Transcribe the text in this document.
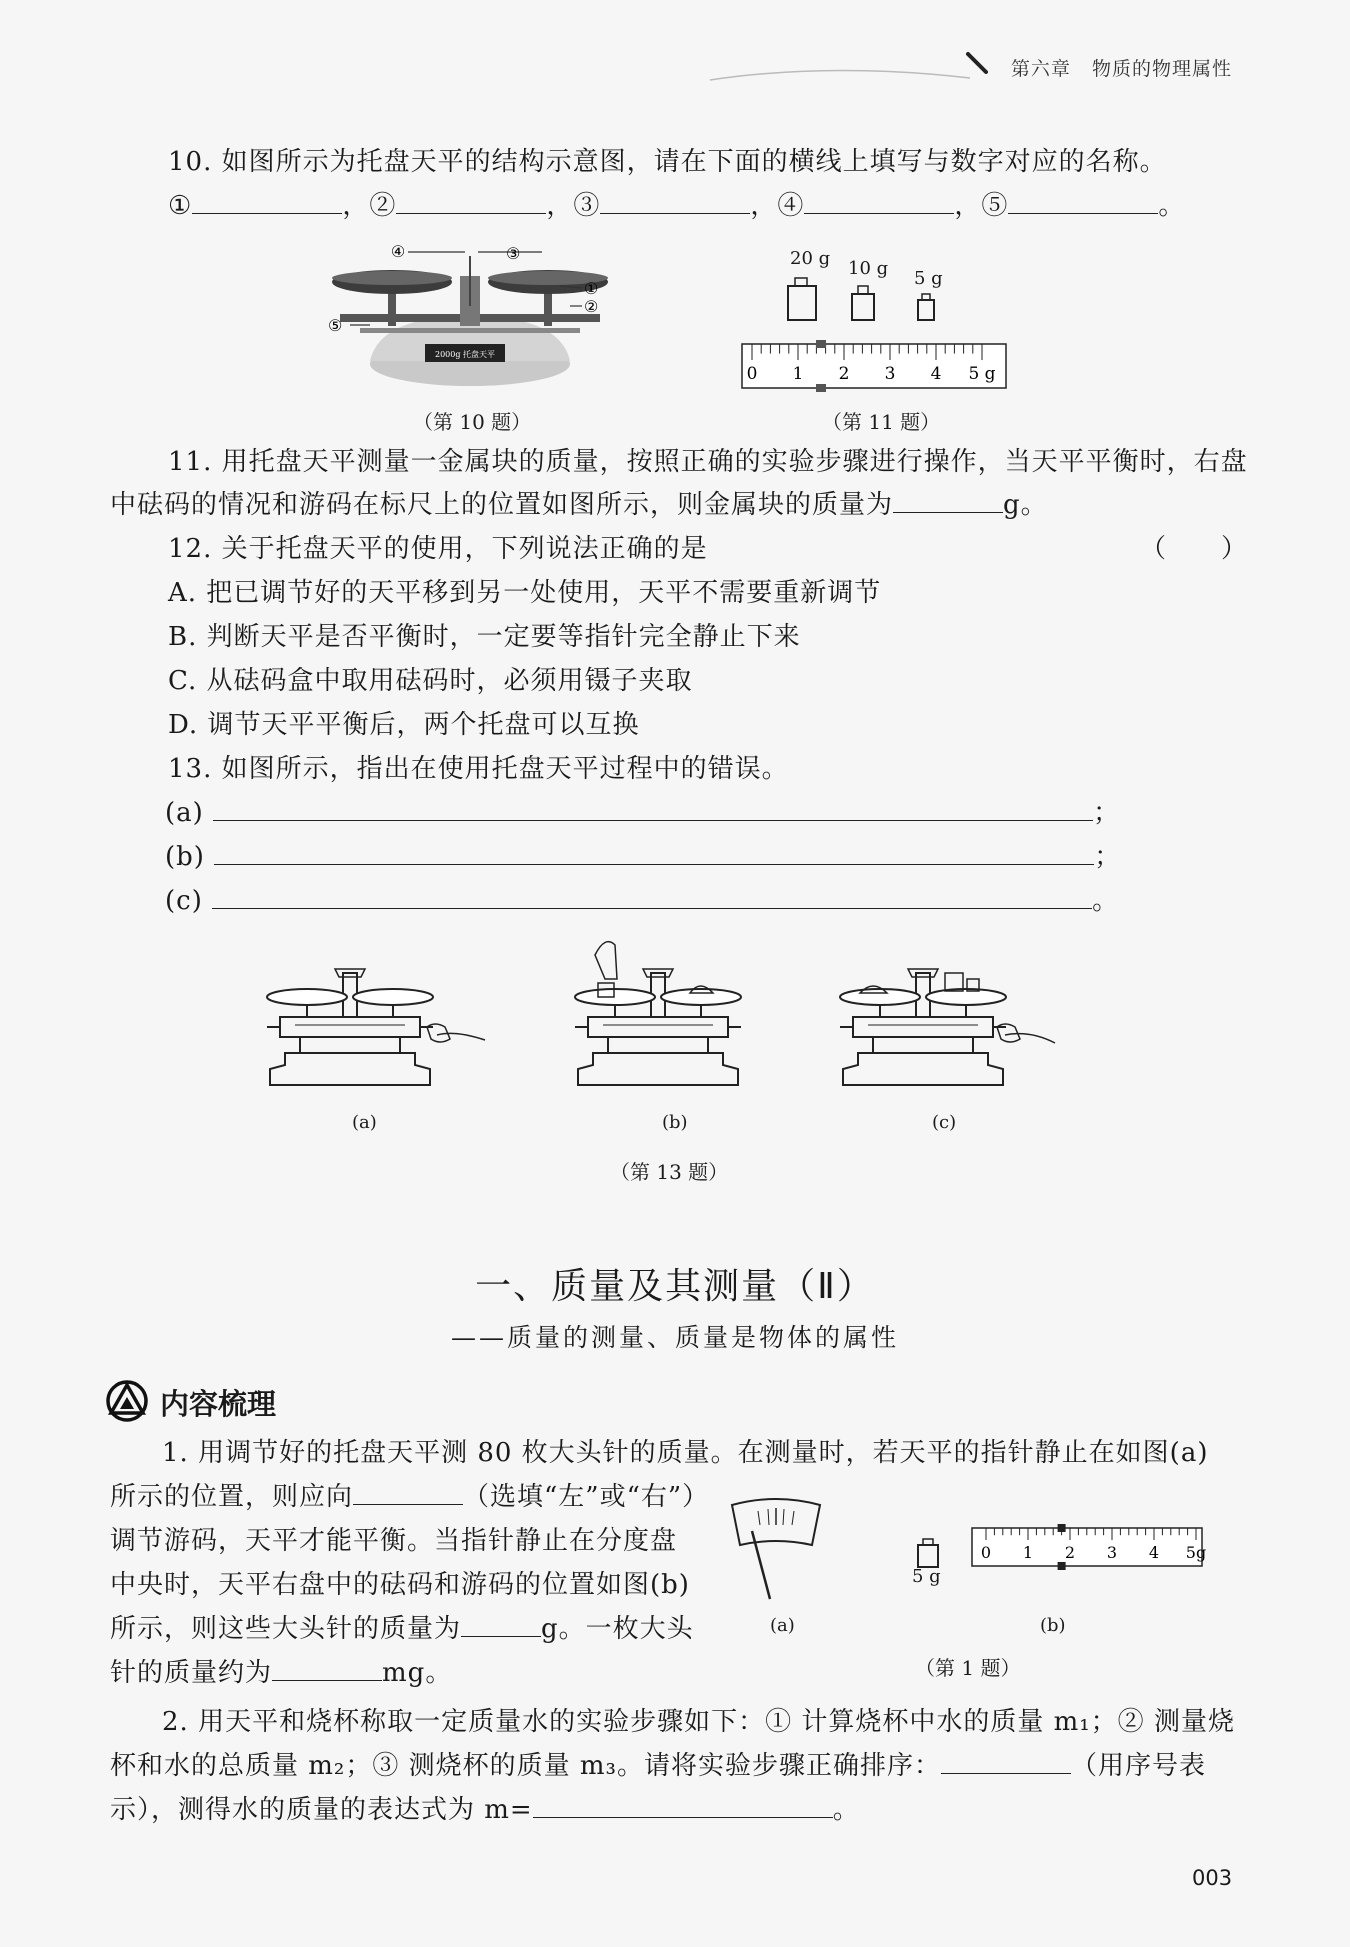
第六章 物质的物理属性
10. 如图所示为托盘天平的结构示意图，请在下面的横线上填写与数字对应的名称。
①	，②	，③	，④	，⑤	。
2000g 托盘天平
④	③
①
②
⑤
（第 10 题）
20 g 10 g 5 g
0 1 2 3 4 5 g
（第 11 题）
11. 用托盘天平测量一金属块的质量，按照正确的实验步骤进行操作，当天平平衡时，右盘
中砝码的情况和游码在标尺上的位置如图所示，则金属块的质量为	g。
12. 关于托盘天平的使用，下列说法正确的是	（　　）
A. 把已调节好的天平移到另一处使用，天平不需要重新调节
B. 判断天平是否平衡时，一定要等指针完全静止下来
C. 从砝码盒中取用砝码时，必须用镊子夹取
D. 调节天平平衡后，两个托盘可以互换
13. 如图所示，指出在使用托盘天平过程中的错误。
(a)	；
(b)	；
(c)	。
(a)	(b)	(c)
（第 13 题）
一、质量及其测量（Ⅱ）
——质量的测量、质量是物体的属性
内容梳理
1. 用调节好的托盘天平测 80 枚大头针的质量。在测量时，若天平的指针静止在如图(a)
所示的位置，则应向	（选填“左”或“右”）
调节游码，天平才能平衡。当指针静止在分度盘
中央时，天平右盘中的砝码和游码的位置如图(b)
所示，则这些大头针的质量为	g。一枚大头
针的质量约为	mg。
(a)
5 g
0 1 2 3 4 5g
(b)
（第 1 题）
2. 用天平和烧杯称取一定质量水的实验步骤如下：① 计算烧杯中水的质量 m₁；② 测量烧
杯和水的总质量 m₂；③ 测烧杯的质量 m₃。请将实验步骤正确排序：	（用序号表
示），测得水的质量的表达式为 m=	。
003
